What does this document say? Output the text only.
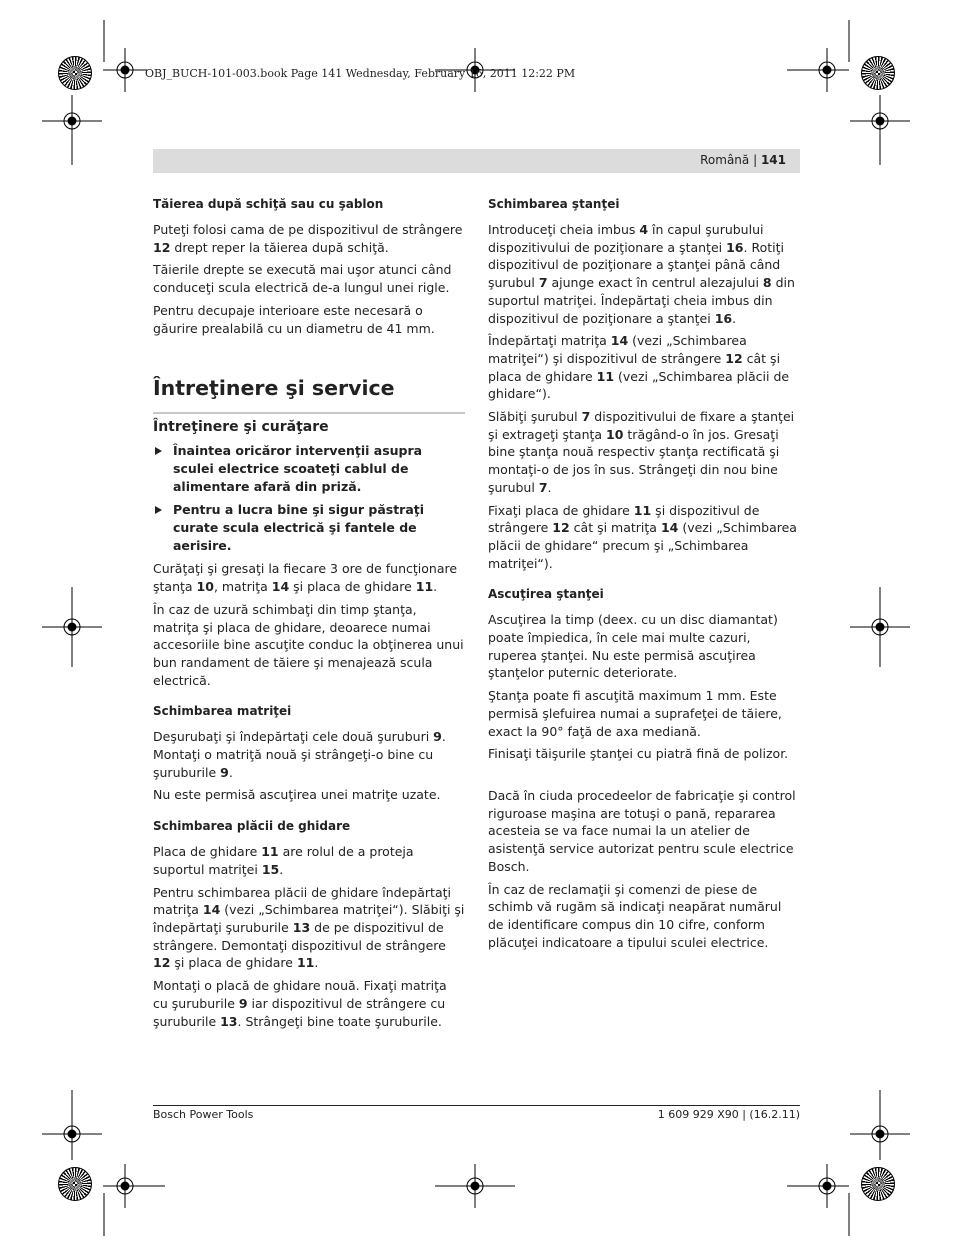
OBJ_BUCH-101-003.book Page 141 Wednesday, February 16, 2011 12:22 PM
Română | 141
Tăierea după schiţă sau cu şablon

Puteţi folosi cama de pe dispozitivul de strângere 12 drept reper la tăierea după schiţă.

Tăierile drepte se execută mai uşor atunci când conduceţi scula electrică de-a lungul unei rigle.

Pentru decupaje interioare este necesară o găurire prealabilă cu un diametru de 41 mm.

Întreţinere şi service
Întreţinere şi curăţare
Înaintea oricăror intervenţii asupra sculei electrice scoateţi cablul de alimentare afară din priză.
Pentru a lucra bine şi sigur păstraţi curate scula electrică şi fantele de aerisire.

Curăţaţi şi gresaţi la fiecare 3 ore de funcţionare ştanţa 10, matriţa 14 şi placa de ghidare 11.

În caz de uzură schimbaţi din timp ştanţa, matriţa şi placa de ghidare, deoarece numai accesoriile bine ascuţite conduc la obţinerea unui bun randament de tăiere şi menajează scula electrică.

Schimbarea matriţei

Deşurubaţi şi îndepărtaţi cele două şuruburi 9. Montaţi o matriţă nouă şi strângeţi-o bine cu şuruburile 9.

Nu este permisă ascuţirea unei matriţe uzate.

Schimbarea plăcii de ghidare

Placa de ghidare 11 are rolul de a proteja suportul matriţei 15.

Pentru schimbarea plăcii de ghidare îndepărtaţi matriţa 14 (vezi „Schimbarea matriţei“). Slăbiţi şi îndepărtaţi şuruburile 13 de pe dispozitivul de strângere. Demontaţi dispozitivul de strângere 12 şi placa de ghidare 11.

Montaţi o placă de ghidare nouă. Fixaţi matriţa cu şuruburile 9 iar dispozitivul de strângere cu şuruburile 13. Strângeţi bine toate şuruburile.

Schimbarea ştanţei

Introduceţi cheia imbus 4 în capul şurubului dispozitivului de poziţionare a ştanţei 16. Rotiţi dispozitivul de poziţionare a ştanţei până când şurubul 7 ajunge exact în centrul alezajului 8 din suportul matriţei. Îndepărtaţi cheia imbus din dispozitivul de poziţionare a ştanţei 16.

Îndepărtaţi matriţa 14 (vezi „Schimbarea matriţei“) şi dispozitivul de strângere 12 cât şi placa de ghidare 11 (vezi „Schimbarea plăcii de ghidare“).

Slăbiţi şurubul 7 dispozitivului de fixare a ştanţei şi extrageţi ştanţa 10 trăgând-o în jos. Gresaţi bine ştanţa nouă respectiv ştanţa rectificată şi montaţi-o de jos în sus. Strângeţi din nou bine şurubul 7.

Fixaţi placa de ghidare 11 şi dispozitivul de strângere 12 cât şi matriţa 14 (vezi „Schimbarea plăcii de ghidare“ precum şi „Schimbarea matriţei“).

Ascuţirea ştanţei

Ascuţirea la timp (deex. cu un disc diamantat) poate împiedica, în cele mai multe cazuri, ruperea ştanţei. Nu este permisă ascuţirea ştanţelor puternic deteriorate.

Ştanţa poate fi ascuţită maximum 1 mm. Este permisă şlefuirea numai a suprafeţei de tăiere, exact la 90° faţă de axa mediană.

Finisaţi tăişurile ştanţei cu piatră fină de polizor.

Dacă în ciuda procedeelor de fabricaţie şi control riguroase maşina are totuşi o pană, repararea acesteia se va face numai la un atelier de asistenţă service autorizat pentru scule electrice Bosch.

În caz de reclamaţii şi comenzi de piese de schimb vă rugăm să indicaţi neapărat numărul de identificare compus din 10 cifre, conform plăcuţei indicatoare a tipului sculei electrice.

Bosch Power Tools	1 609 929 X90 | (16.2.11)
